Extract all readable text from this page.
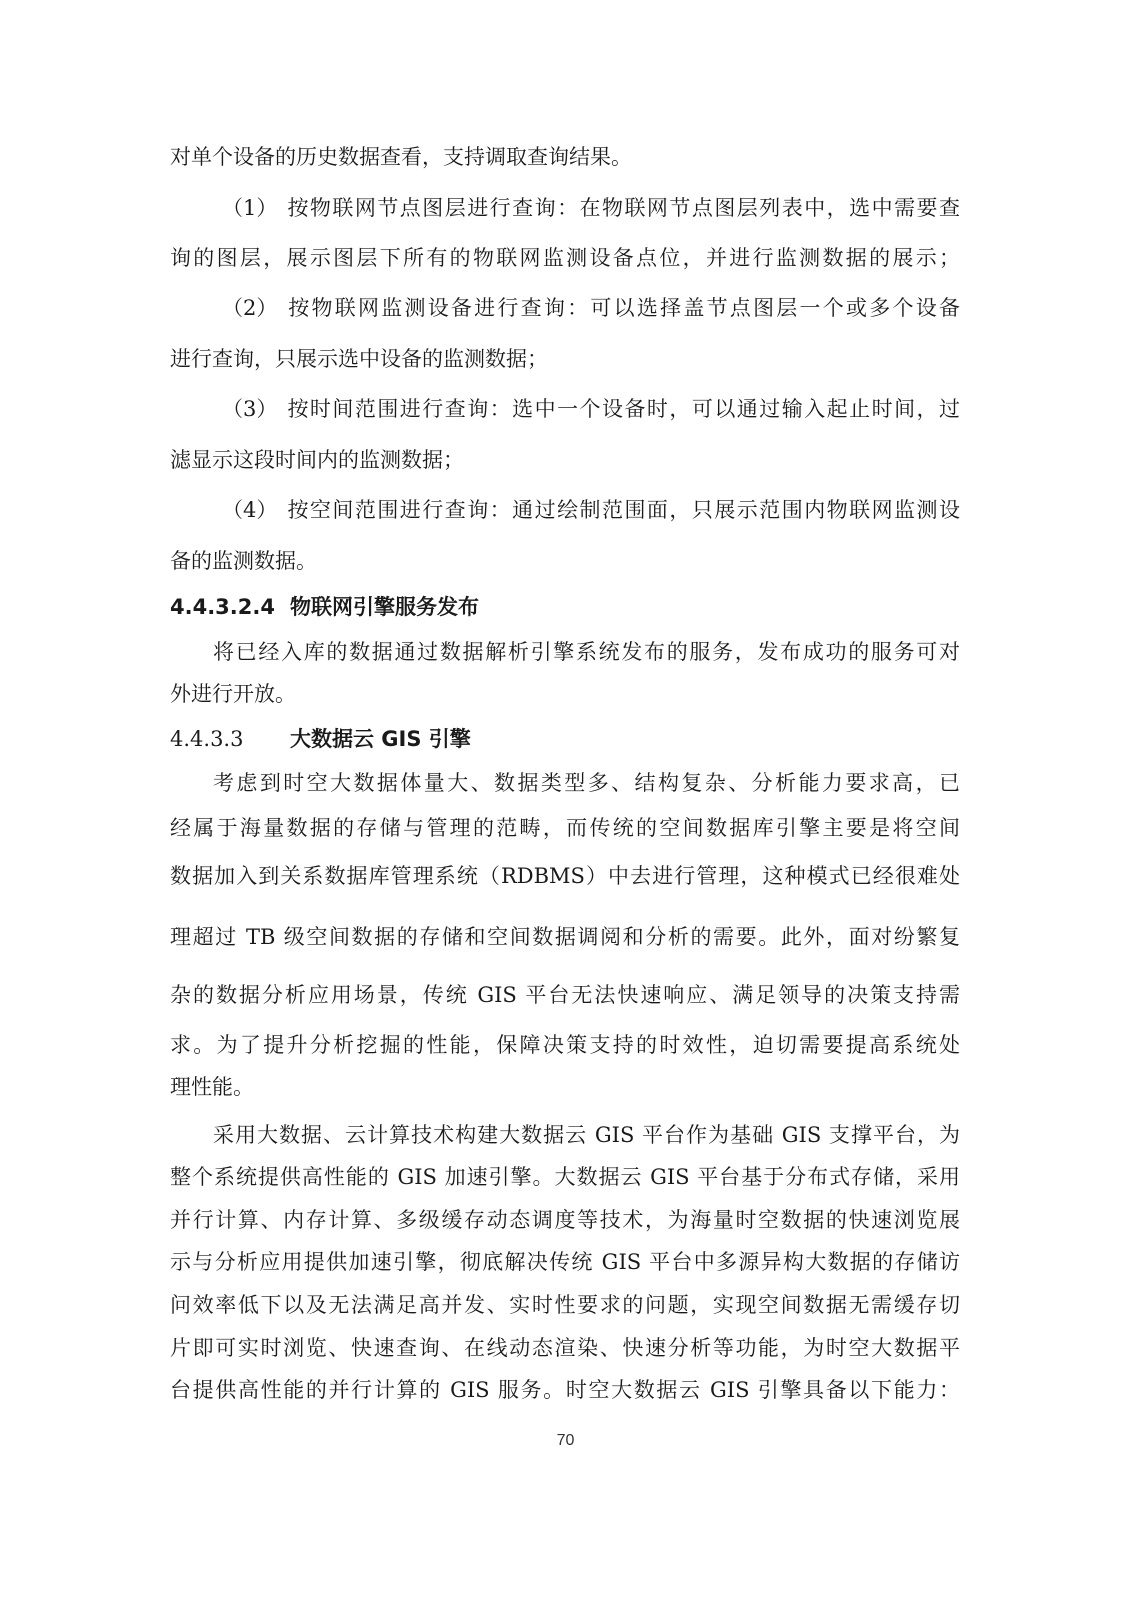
对单个设备的历史数据查看，支持调取查询结果。
（1） 按物联网节点图层进行查询：在物联网节点图层列表中，选中需要查
询的图层，展示图层下所有的物联网监测设备点位，并进行监测数据的展示；
（2） 按物联网监测设备进行查询：可以选择盖节点图层一个或多个设备
进行查询，只展示选中设备的监测数据；
（3） 按时间范围进行查询：选中一个设备时，可以通过输入起止时间，过
滤显示这段时间内的监测数据；
（4） 按空间范围进行查询：通过绘制范围面，只展示范围内物联网监测设
备的监测数据。
4.4.3.2.4 物联网引擎服务发布
将已经入库的数据通过数据解析引擎系统发布的服务，发布成功的服务可对
外进行开放。
4.4.3.3 大数据云 GIS 引擎
考虑到时空大数据体量大、数据类型多、结构复杂、分析能力要求高，已
经属于海量数据的存储与管理的范畴，而传统的空间数据库引擎主要是将空间
数据加入到关系数据库管理系统（RDBMS）中去进行管理，这种模式已经很难处
理超过 TB 级空间数据的存储和空间数据调阅和分析的需要。此外，面对纷繁复
杂的数据分析应用场景，传统 GIS 平台无法快速响应、满足领导的决策支持需
求。为了提升分析挖掘的性能，保障决策支持的时效性，迫切需要提高系统处
理性能。
采用大数据、云计算技术构建大数据云 GIS 平台作为基础 GIS 支撑平台，为
整个系统提供高性能的 GIS 加速引擎。大数据云 GIS 平台基于分布式存储，采用
并行计算、内存计算、多级缓存动态调度等技术，为海量时空数据的快速浏览展
示与分析应用提供加速引擎，彻底解决传统 GIS 平台中多源异构大数据的存储访
问效率低下以及无法满足高并发、实时性要求的问题，实现空间数据无需缓存切
片即可实时浏览、快速查询、在线动态渲染、快速分析等功能，为时空大数据平
台提供高性能的并行计算的 GIS 服务。时空大数据云 GIS 引擎具备以下能力：
70
